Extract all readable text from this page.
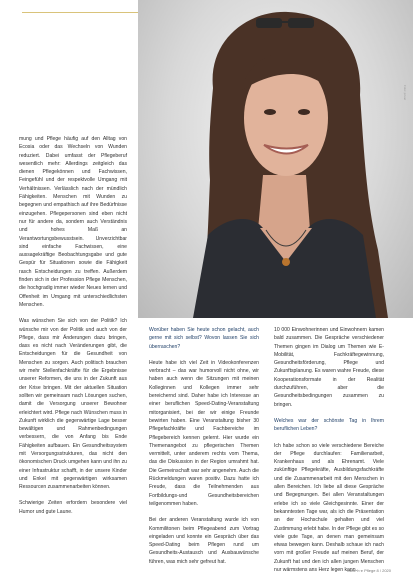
Foto: privat

mung und Pflege häufig auf den Alltag von Ecosia oder das Wechseln von Wunden reduziert. Dabei umfasst der Pflegeberuf wesentlich mehr: Allerdings zeitgleich das dienen Pflegekönnen und Fachwissen, Feingefühl und der respektvolle Umgang mit Verhältnissen. Verlässlich nach der mündlich Fähigkeiten. Menschen mit Wunden zu begegnen und empathisch auf ihre Bedürfnisse einzugehen. Pflegepersonen sind eben nicht nur für andere da, sondern auch Verständnis und hohes Maß an Verantwortungsbewusstsein. Unverzichtbar sind einfache Fachwissen, eine aussagekräftige Beobachtungsgabe und gute Gespür für Situationen sowie die Fähigkeit rasch Entscheidungen zu treffen. Außerdem finden sich in der Profession Pflege Menschen, die hochgradig immer wieder Neues lernen und Offenheit im Umgang mit unterschiedlichsten Menschen.

Was wünschen Sie sich von der Politik? Ich wünsche mir von der Politik und auch von der Pflege, dass mir Änderungen dazu bringen, dass es nicht nach Veränderungen gibt, die Entscheidungen für die Gesundheit von Menschen zu sorgen. Auch politisch brauchen wir mehr Stellenfachkräfte für die Ergebnisse unserer Reformen, die uns in der Zukunft aus der Krise bringen. Mit der aktuellen Situation sollten wir gemeinsam nach Lösungen suchen, damit die Versorgung unserer Bewohner erleichtert wird. Pflege nach Wünschen muss in Zukunft wirklich die gegenwärtige Lage besser bewältigen und Rahmenbedingungen verbessern, die von Anfang bis Ende Fähigkeiten aufbauen. Ein Gesundheitssystem mit Versorgungsstrukturen, das nicht den ökonomischen Druck umgehen kann und ihn zu einer Infrastruktur schafft, in der unsere Kinder und Enkel mit gegenwärtigen wirksamen Ressourcen zusammenarbeiten können.

Schwierige Zeiten erfordern besondere viel Humor und gute Laune.

Worüber haben Sie heute schon gelacht, auch gerne mit sich selbst? Wovon lassen Sie sich überraschen?

Heute habe ich viel Zeit in Videokonferenzen verbracht – das war humorvoll nicht ohne, wir haben auch wenn die Sitzungen mit meinen Kolleginnen und Kollegen immer sehr bereichernd sind. Daher habe ich Interesse an einer beruflichen Speed-Dating-Veranstaltung mitorganisiert, bei der wir einige Freunde bewirten haben. Eine Veranstaltung bisher 30 Pflegefachkräfte und Fachbereiche im Pflegebereich kennen gelernt. Hier wurde ein Themenangebot zu pflegerischen Themen vermittelt, unter anderem rechts vom Thema, das die Diskussion in der Region umrahmt hat. Die Gemeinschaft war sehr angenehm. Auch die Rückmeldungen waren positiv. Dazu hatte ich Freude, dass die Teilnehmenden aus Fortbildungs-und Gesundheitsbereichen teilgenommen haben.

Bei der anderen Veranstaltung wurde ich von Kommilitonen beim Pflegeabend zum Vortrag eingeladen und konnte ein Gespräch über das Speed-Dating beim Pflegen rund um Gesundheits-Austausch und Ausbauwünsche führen, was mich sehr gefreut hat.

10 000 Einwohnerinnen und Einwohnern kamen bald zusammen. Die Gespräche verschiedener Themen gingen im Dialog um Themen wie E-Mobilität, Fachkräftegewinnung, Gesundheitsförderung, Pflege und Zukunftsplanung. Es waren wahre Freude, diese Kooperationsformate in der Realität durchzuführen, aber die Gesundheitsbedingungen zusammen zu bringen.

Welches war der schönste Tag in Ihrem beruflichen Leben?

Ich habe schon so viele verschiedene Bereiche der Pflege durchlaufen: Familienarbeit, Krankenhaus und als Ehrenamt. Viele zukünftige Pflegekräfte, Ausbildungsfachkräfte und die Zusammenarbeit mit den Menschen in allen Bereichen. Ich liebe all diese Gespräche und Begegnungen. Bei allen Veranstaltungen erlebe ich so viele Gleichgesinnte. Einer der bekanntesten Tage war, als ich die Präsentation an der Hochschule gehalten und viel Zustimmung erlebt habe. In der Pflege gibt es so viele gute Tage, an denen man gemeinsam etwas bewegen kann. Deshalb schaue ich nach vorn mit großer Freude auf meinen Beruf, der Zukunft hat und den ich allen jungen Menschen nur wärmstens ans Herz legen kann.

Mitte·h·e Pflege 8 / 2020
